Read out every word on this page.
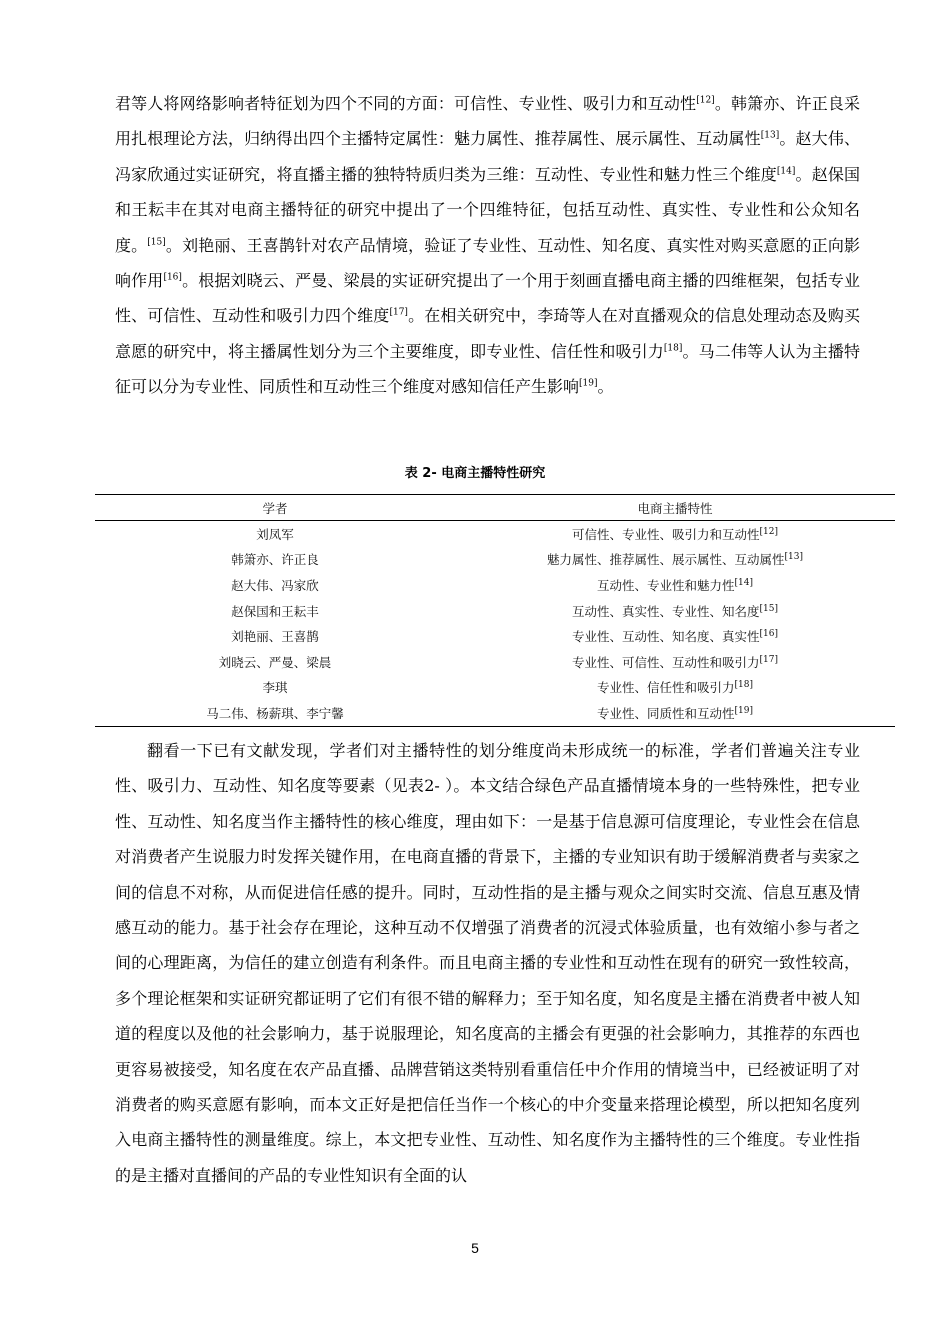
君等人将网络影响者特征划为四个不同的方面：可信性、专业性、吸引力和互动性[12]。韩箫亦、许正良采用扎根理论方法，归纳得出四个主播特定属性：魅力属性、推荐属性、展示属性、互动属性[13]。赵大伟、冯家欣通过实证研究，将直播主播的独特特质归类为三维：互动性、专业性和魅力性三个维度[14]。赵保国和王耘丰在其对电商主播特征的研究中提出了一个四维特征，包括互动性、真实性、专业性和公众知名度。[15]。刘艳丽、王喜鹊针对农产品情境，验证了专业性、互动性、知名度、真实性对购买意愿的正向影响作用[16]。根据刘晓云、严曼、梁晨的实证研究提出了一个用于刻画直播电商主播的四维框架，包括专业性、可信性、互动性和吸引力四个维度[17]。在相关研究中，李琦等人在对直播观众的信息处理动态及购买意愿的研究中，将主播属性划分为三个主要维度，即专业性、信任性和吸引力[18]。马二伟等人认为主播特征可以分为专业性、同质性和互动性三个维度对感知信任产生影响[19]。

表 2- 电商主播特性研究
学者	电商主播特性
刘凤军	可信性、专业性、吸引力和互动性[12]
韩箫亦、许正良	魅力属性、推荐属性、展示属性、互动属性[13]
赵大伟、冯家欣	互动性、专业性和魅力性[14]
赵保国和王耘丰	互动性、真实性、专业性、知名度[15]
刘艳丽、王喜鹊	专业性、互动性、知名度、真实性[16]
刘晓云、严曼、梁晨	专业性、可信性、互动性和吸引力[17]
李琪	专业性、信任性和吸引力[18]
马二伟、杨薪琪、李宁馨	专业性、同质性和互动性[19]

翻看一下已有文献发现，学者们对主播特性的划分维度尚未形成统一的标准，学者们普遍关注专业性、吸引力、互动性、知名度等要素（见表2- ）。本文结合绿色产品直播情境本身的一些特殊性，把专业性、互动性、知名度当作主播特性的核心维度，理由如下：一是基于信息源可信度理论，专业性会在信息对消费者产生说服力时发挥关键作用，在电商直播的背景下，主播的专业知识有助于缓解消费者与卖家之间的信息不对称，从而促进信任感的提升。同时，互动性指的是主播与观众之间实时交流、信息互惠及情感互动的能力。基于社会存在理论，这种互动不仅增强了消费者的沉浸式体验质量，也有效缩小参与者之间的心理距离，为信任的建立创造有利条件。而且电商主播的专业性和互动性在现有的研究一致性较高，多个理论框架和实证研究都证明了它们有很不错的解释力；至于知名度，知名度是主播在消费者中被人知道的程度以及他的社会影响力，基于说服理论，知名度高的主播会有更强的社会影响力，其推荐的东西也更容易被接受，知名度在农产品直播、品牌营销这类特别看重信任中介作用的情境当中，已经被证明了对消费者的购买意愿有影响，而本文正好是把信任当作一个核心的中介变量来搭理论模型，所以把知名度列入电商主播特性的测量维度。综上，本文把专业性、互动性、知名度作为主播特性的三个维度。专业性指的是主播对直播间的产品的专业性知识有全面的认

5
